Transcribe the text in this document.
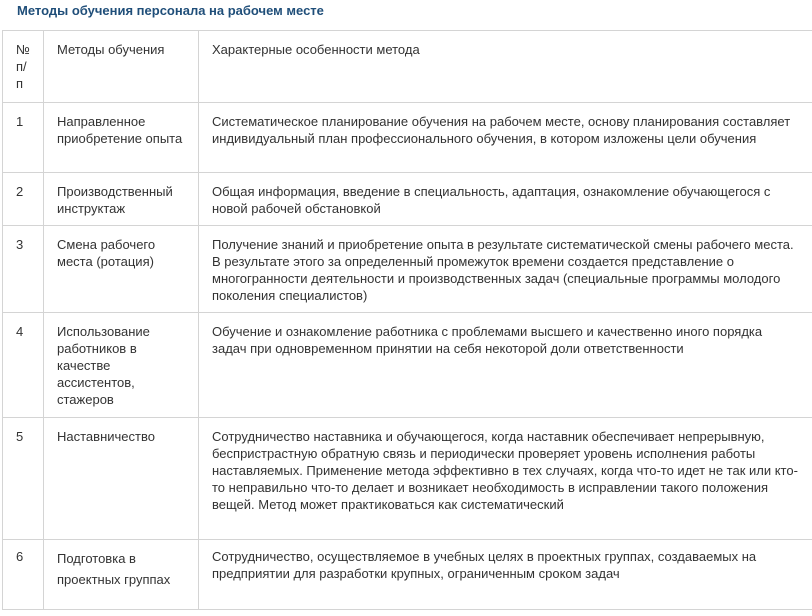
Методы обучения персонала на рабочем месте
№ п/п	Методы обучения	Характерные особенности метода
1	Направленное приобретение опыта	Систематическое планирование обучения на рабочем месте, основу планирования составляет индивидуальный план профессионального обучения, в котором изложены цели обучения
2	Производственный инструктаж	Общая информация, введение в специальность, адаптация, ознакомление обучающегося с новой рабочей обстановкой
3	Смена рабочего места (ротация)	Получение знаний и приобретение опыта в результате систематической смены рабочего места. В результате этого за определенный промежуток времени создается представление о многогранности деятельности и производственных задач (специальные программы молодого поколения специалистов)
4	Использование работников в качестве ассистентов, стажеров	Обучение и ознакомление работника с проблемами высшего и качественно иного порядка задач при одновременном принятии на себя некоторой доли ответственности
5	Наставничество	Сотрудничество наставника и обучающегося, когда наставник обеспечивает непрерывную, беспристрастную обратную связь и периодически проверяет уровень исполнения работы наставляемых. Применение метода эффективно в тех случаях, когда что-то идет не так или кто-то неправильно что-то делает и возникает необходимость в исправлении такого положения вещей. Метод может практиковаться как систематический
6	Подготовка в проектных группах	Сотрудничество, осуществляемое в учебных целях в проектных группах, создаваемых на предприятии для разработки крупных, ограниченным сроком задач
